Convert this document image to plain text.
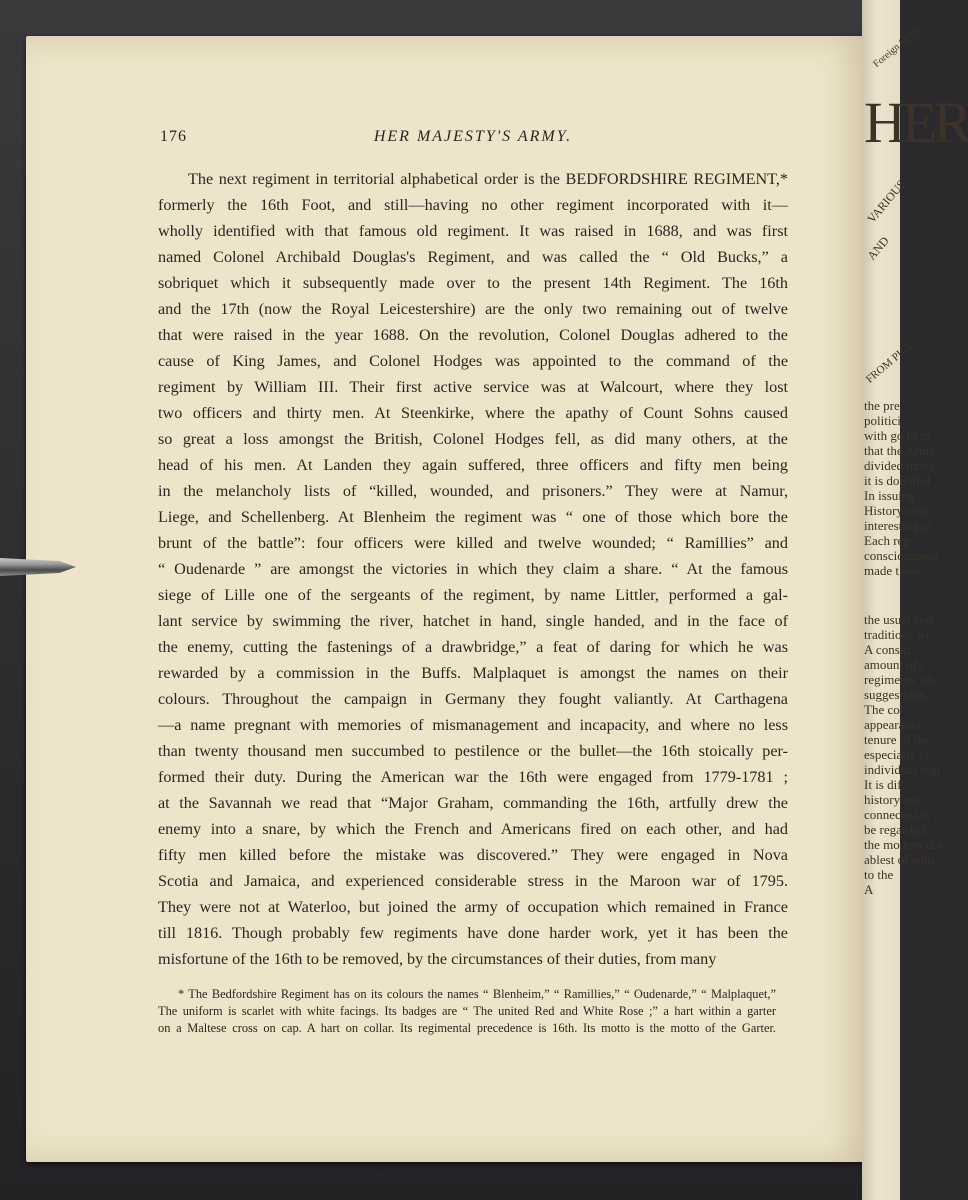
Foreign Servic
HER
VARIOUS
AND
FROM PICT
the pre
politici
with go to m
that the Army
divided into r
it is doubtful
In issuing
History at on
interesting ar
Each reg
consciousness
made the—
the usual con
traditions wi
A consid
amount of t
regiments wh
suggestions
The col
appearance
tenure of the
especially fa
individual regi
It is dif
history mo
connected in
be regarded
the modern dis
ablest of who
to the
A
176	HER MAJESTY'S ARMY.
The next regiment in territorial alphabetical order is the BEDFORDSHIRE REGIMENT,*
formerly the 16th Foot, and still—having no other regiment incorporated with it—
wholly identified with that famous old regiment. It was raised in 1688, and was first
named Colonel Archibald Douglas's Regiment, and was called the “ Old Bucks,” a
sobriquet which it subsequently made over to the present 14th Regiment. The 16th
and the 17th (now the Royal Leicestershire) are the only two remaining out of twelve
that were raised in the year 1688. On the revolution, Colonel Douglas adhered to the
cause of King James, and Colonel Hodges was appointed to the command of the
regiment by William III. Their first active service was at Walcourt, where they lost
two officers and thirty men. At Steenkirke, where the apathy of Count Sohns caused
so great a loss amongst the British, Colonel Hodges fell, as did many others, at the
head of his men. At Landen they again suffered, three officers and fifty men being
in the melancholy lists of “killed, wounded, and prisoners.” They were at Namur,
Liege, and Schellenberg. At Blenheim the regiment was “ one of those which bore the
brunt of the battle”: four officers were killed and twelve wounded; “ Ramillies” and
“ Oudenarde ” are amongst the victories in which they claim a share. “ At the famous
siege of Lille one of the sergeants of the regiment, by name Littler, performed a gal-
lant service by swimming the river, hatchet in hand, single handed, and in the face of
the enemy, cutting the fastenings of a drawbridge,” a feat of daring for which he was
rewarded by a commission in the Buffs. Malplaquet is amongst the names on their
colours. Throughout the campaign in Germany they fought valiantly. At Carthagena
—a name pregnant with memories of mismanagement and incapacity, and where no less
than twenty thousand men succumbed to pestilence or the bullet—the 16th stoically per-
formed their duty. During the American war the 16th were engaged from 1779-1781 ;
at the Savannah we read that “Major Graham, commanding the 16th, artfully drew the
enemy into a snare, by which the French and Americans fired on each other, and had
fifty men killed before the mistake was discovered.” They were engaged in Nova
Scotia and Jamaica, and experienced considerable stress in the Maroon war of 1795.
They were not at Waterloo, but joined the army of occupation which remained in France
till 1816. Though probably few regiments have done harder work, yet it has been the
misfortune of the 16th to be removed, by the circumstances of their duties, from many
* The Bedfordshire Regiment has on its colours the names “ Blenheim,” “ Ramillies,” “ Oudenarde,” “ Malplaquet,”
The uniform is scarlet with white facings. Its badges are “ The united Red and White Rose ;” a hart within a garter
on a Maltese cross on cap. A hart on collar. Its regimental precedence is 16th. Its motto is the motto of the Garter.
